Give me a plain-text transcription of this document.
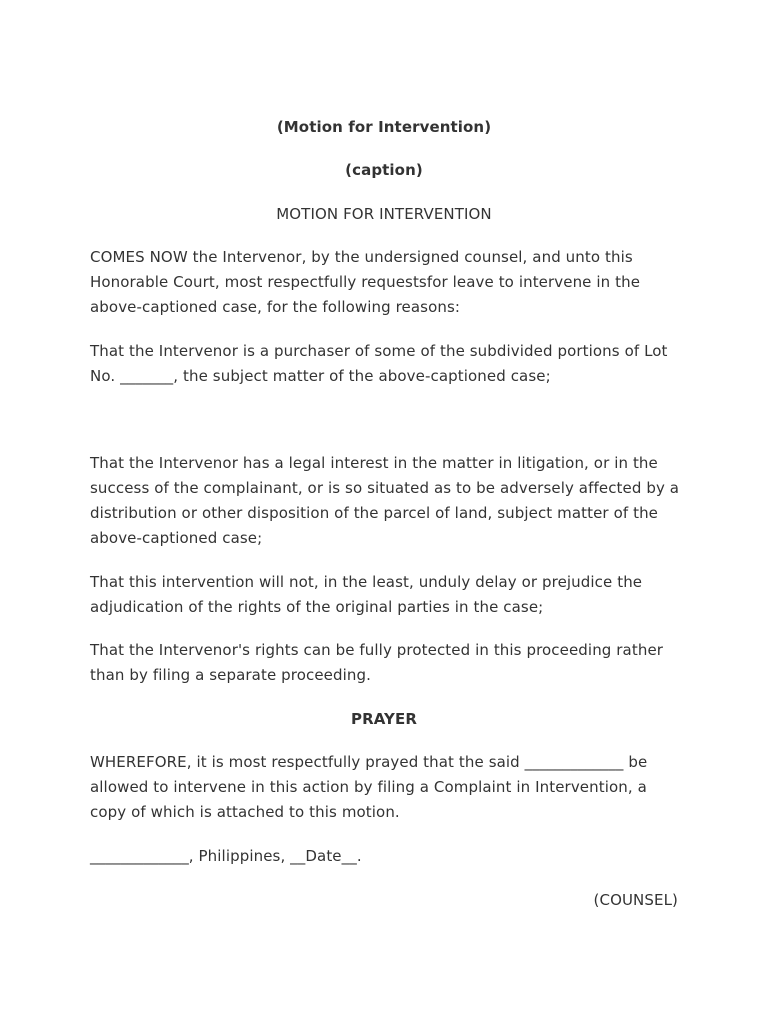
(Motion for Intervention)

(caption)

MOTION FOR INTERVENTION

COMES NOW the Intervenor, by the undersigned counsel, and unto this
Honorable Court, most respectfully requestsfor leave to intervene in the
above-captioned case, for the following reasons:
That the Intervenor is a purchaser of some of the subdivided portions of Lot
No. _______, the subject matter of the above-captioned case;
That the Intervenor has a legal interest in the matter in litigation, or in the
success of the complainant, or is so situated as to be adversely affected by a
distribution or other disposition of the parcel of land, subject matter of the
above-captioned case;
That this intervention will not, in the least, unduly delay or prejudice the
adjudication of the rights of the original parties in the case;
That the Intervenor's rights can be fully protected in this proceeding rather
than by filing a separate proceeding.

PRAYER

WHEREFORE, it is most respectfully prayed that the said _____________ be
allowed to intervene in this action by filing a Complaint in Intervention, a
copy of which is attached to this motion.
_____________, Philippines, __Date__.

(COUNSEL)
